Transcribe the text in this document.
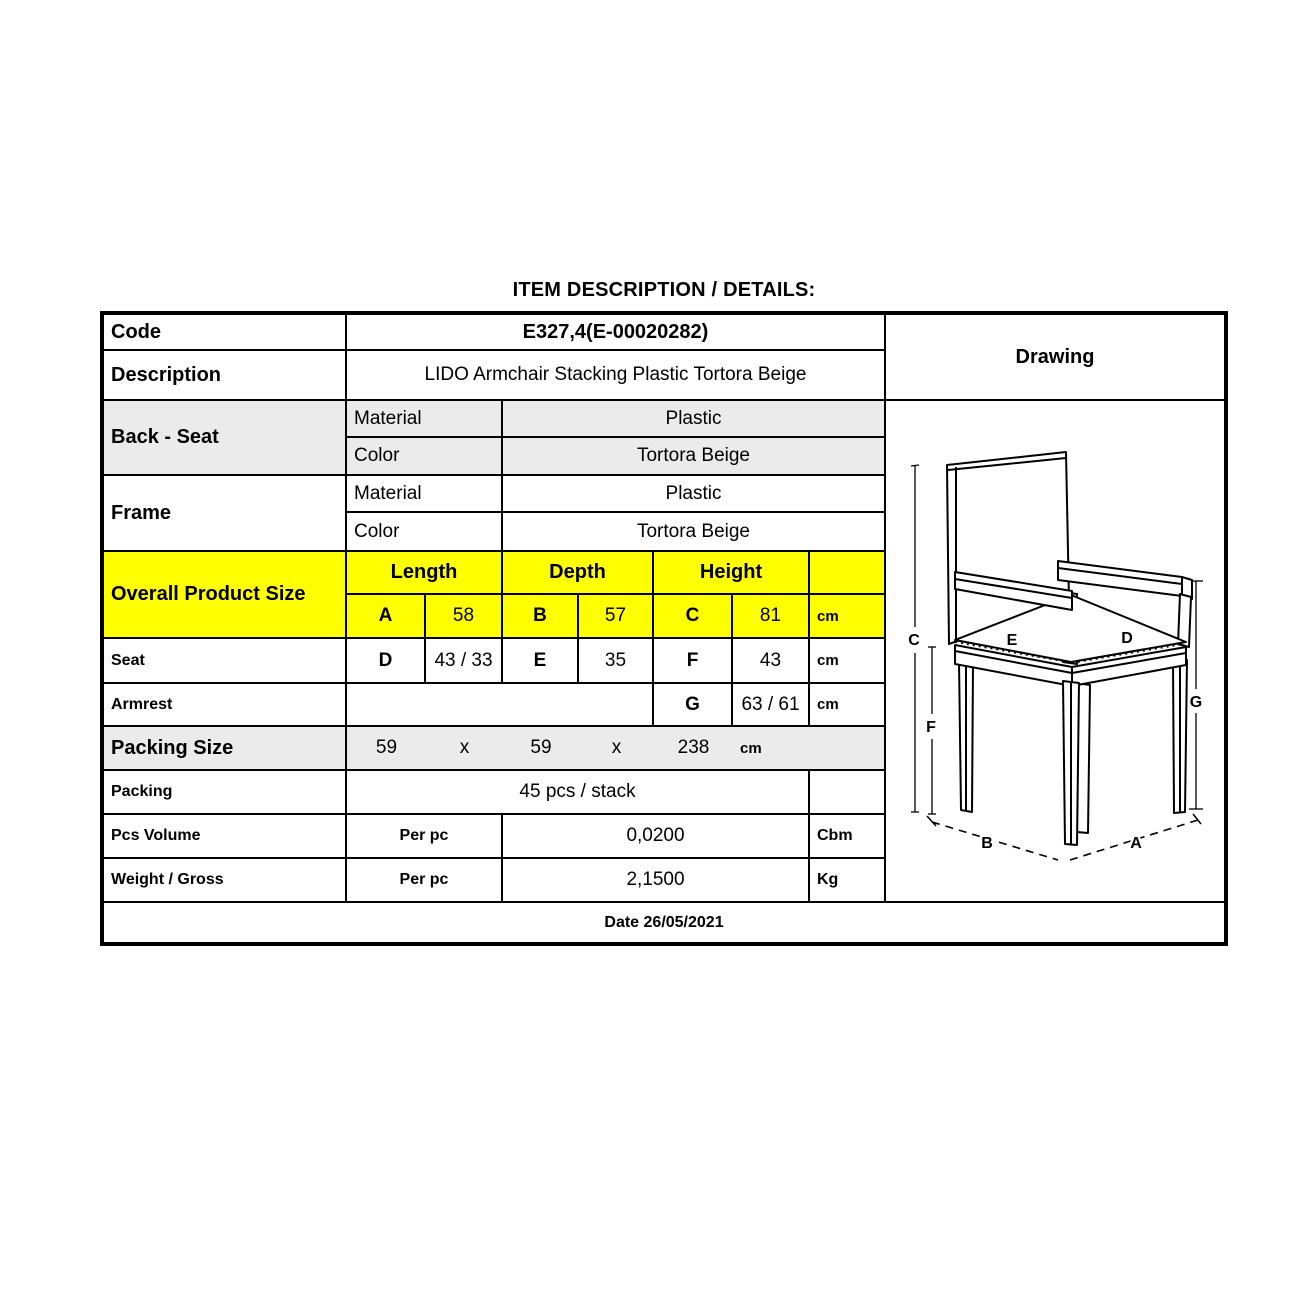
ITEM DESCRIPTION / DETAILS:
Code	E327,4(E-00020282)
Drawing
Description	LIDO Armchair Stacking Plastic Tortora Beige
Back - Seat
Material	Plastic
Color	Tortora Beige
Frame
Material	Plastic
Color	Tortora Beige
Overall Product Size
Length	Depth	Height
A	58	B	57	C	81	cm
Seat	D	43 / 33	E	35	F	43	cm
Armrest	G	63 / 61	cm
Packing Size	59	x	59	x	238	cm
Packing	45 pcs / stack
Pcs Volume	Per pc	0,0200	Cbm
Weight / Gross	Per pc	2,1500	Kg
Date 26/05/2021
C
F
G
E	D
B	A
